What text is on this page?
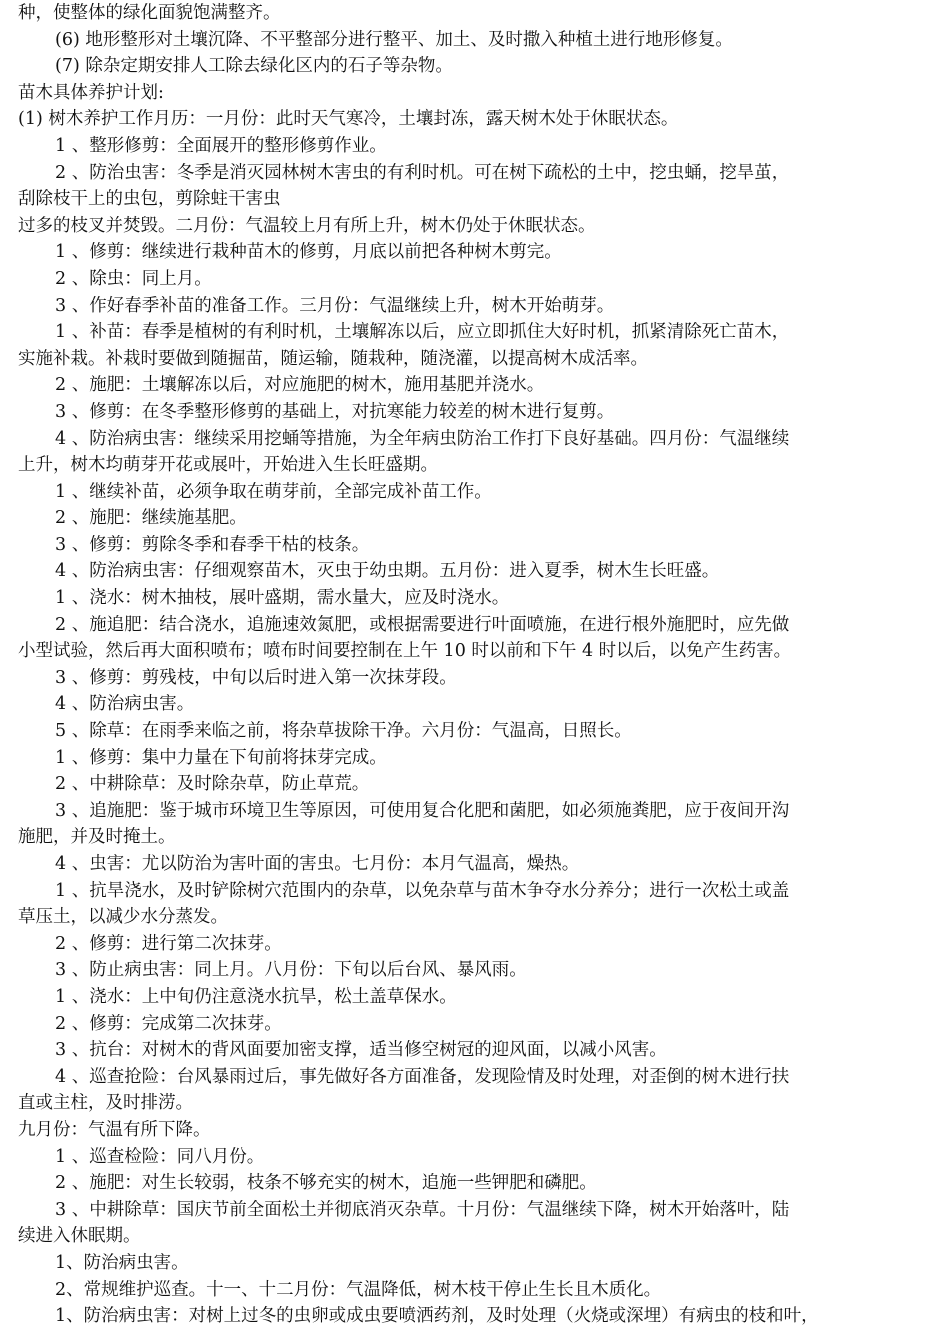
种，使整体的绿化面貌饱满整齐。
(6) 地形整形对土壤沉降、不平整部分进行整平、加土、及时撒入种植土进行地形修复。
(7) 除杂定期安排人工除去绿化区内的石子等杂物。
苗木具体养护计划:
(1) 树木养护工作月历：一月份：此时天气寒冷，土壤封冻，露天树木处于休眠状态。
1 、整形修剪：全面展开的整形修剪作业。
2 、防治虫害：冬季是消灭园林树木害虫的有利时机。可在树下疏松的土中，挖虫蛹，挖旱茧，
刮除枝干上的虫包，剪除蛀干害虫
过多的枝叉并焚毁。二月份：气温较上月有所上升，树木仍处于休眠状态。
1 、修剪：继续进行栽种苗木的修剪，月底以前把各种树木剪完。
2 、除虫：同上月。
3 、作好春季补苗的准备工作。三月份：气温继续上升，树木开始萌芽。
1 、补苗：春季是植树的有利时机，土壤解冻以后，应立即抓住大好时机，抓紧清除死亡苗木，
实施补栽。补栽时要做到随掘苗，随运输，随栽种，随浇灌，以提高树木成活率。
2 、施肥：土壤解冻以后，对应施肥的树木，施用基肥并浇水。
3 、修剪：在冬季整形修剪的基础上，对抗寒能力较差的树木进行复剪。
4 、防治病虫害：继续采用挖蛹等措施，为全年病虫防治工作打下良好基础。四月份：气温继续
上升，树木均萌芽开花或展叶，开始进入生长旺盛期。
1 、继续补苗，必须争取在萌芽前，全部完成补苗工作。
2 、施肥：继续施基肥。
3 、修剪：剪除冬季和春季干枯的枝条。
4 、防治病虫害：仔细观察苗木，灭虫于幼虫期。五月份：进入夏季，树木生长旺盛。
1 、浇水：树木抽枝，展叶盛期，需水量大，应及时浇水。
2 、施追肥：结合浇水，追施速效氮肥，或根据需要进行叶面喷施，在进行根外施肥时，应先做
小型试验，然后再大面积喷布；喷布时间要控制在上午 10 时以前和下午 4 时以后，以免产生药害。
3 、修剪：剪残枝，中旬以后时进入第一次抹芽段。
4 、防治病虫害。
5 、除草：在雨季来临之前，将杂草拔除干净。六月份：气温高，日照长。
1 、修剪：集中力量在下旬前将抹芽完成。
2 、中耕除草：及时除杂草，防止草荒。
3 、追施肥：鉴于城市环境卫生等原因，可使用复合化肥和菌肥，如必须施粪肥，应于夜间开沟
施肥，并及时掩土。
4 、虫害：尤以防治为害叶面的害虫。七月份：本月气温高，燥热。
1 、抗旱浇水，及时铲除树穴范围内的杂草，以免杂草与苗木争夺水分养分；进行一次松土或盖
草压土，以减少水分蒸发。
2 、修剪：进行第二次抹芽。
3 、防止病虫害：同上月。八月份：下旬以后台风、暴风雨。
1 、浇水：上中旬仍注意浇水抗旱，松土盖草保水。
2 、修剪：完成第二次抹芽。
3 、抗台：对树木的背风面要加密支撑，适当修空树冠的迎风面，以减小风害。
4 、巡查抢险：台风暴雨过后，事先做好各方面准备，发现险情及时处理，对歪倒的树木进行扶
直或主柱，及时排涝。
九月份：气温有所下降。
1 、巡查检险：同八月份。
2 、施肥：对生长较弱，枝条不够充实的树木，追施一些钾肥和磷肥。
3 、中耕除草：国庆节前全面松土并彻底消灭杂草。十月份：气温继续下降，树木开始落叶，陆
续进入休眠期。
1、防治病虫害。
2、常规维护巡查。十一、十二月份：气温降低，树木枝干停止生长且木质化。
1、防治病虫害：对树上过冬的虫卵或成虫要喷洒药剂，及时处理（火烧或深埋）有病虫的枝和叶，
